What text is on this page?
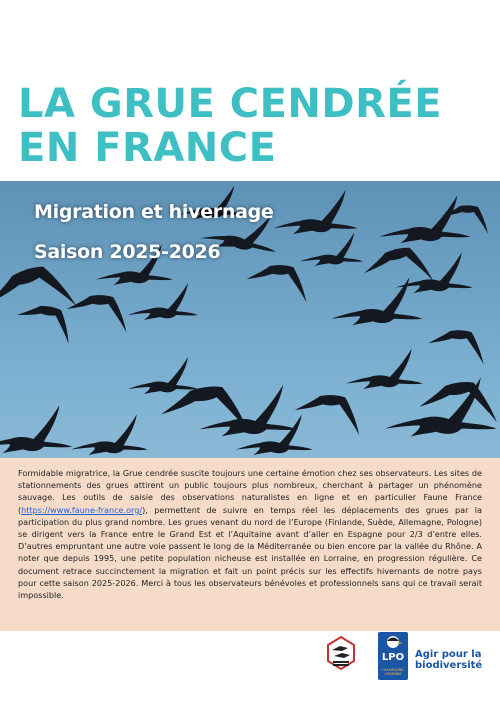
LA GRUE CENDRÉE
EN FRANCE
Migration et hivernage
Saison 2025-2026

Formidable migratrice, la Grue cendrée suscite toujours une certaine émotion chez ses observateurs. Les sites de stationnements des grues attirent un public toujours plus nombreux, cherchant à partager un phénomène sauvage. Les outils de saisie des observations naturalistes en ligne et en particulier Faune France (https://www.faune-france.org/), permettent de suivre en temps réel les déplacements des grues par la participation du plus grand nombre. Les grues venant du nord de l’Europe (Finlande, Suède, Allemagne, Pologne) se dirigent vers la France entre le Grand Est et l’Aquitaine avant d’aller en Espagne pour 2/3 d’entre elles. D’autres empruntant une autre voie passent le long de la Méditerranée ou bien encore par la vallée du Rhône. A noter que depuis 1995, une petite population nicheuse est installée en Lorraine, en progression régulière. Ce document retrace succinctement la migration et fait un point précis sur les effectifs hivernants de notre pays pour cette saison 2025-2026. Merci à tous les observateurs bénévoles et professionnels sans qui ce travail serait impossible.

LPO
CHAMPAGNE-ARDENNE
Agir pour la biodiversité
